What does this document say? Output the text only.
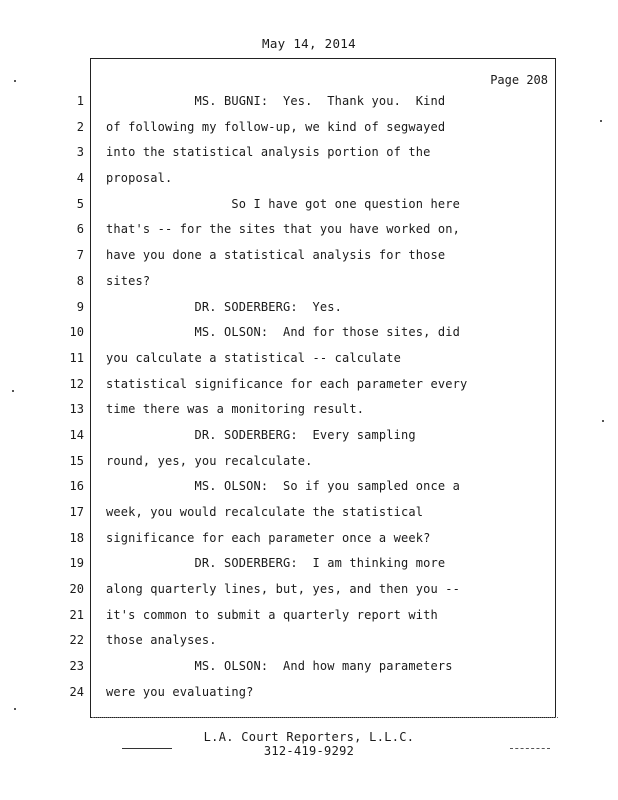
May 14, 2014
Page 208
1
2
3
4
5
6
7
8
9
10
11
12
13
14
15
16
17
18
19
20
21
22
23
24
MS. BUGNI:  Yes.  Thank you.  Kind
of following my follow-up, we kind of segwayed
into the statistical analysis portion of the
proposal.
So I have got one question here
that's -- for the sites that you have worked on,
have you done a statistical analysis for those
sites?
DR. SODERBERG:  Yes.
MS. OLSON:  And for those sites, did
you calculate a statistical -- calculate
statistical significance for each parameter every
time there was a monitoring result.
DR. SODERBERG:  Every sampling
round, yes, you recalculate.
MS. OLSON:  So if you sampled once a
week, you would recalculate the statistical
significance for each parameter once a week?
DR. SODERBERG:  I am thinking more
along quarterly lines, but, yes, and then you --
it's common to submit a quarterly report with
those analyses.
MS. OLSON:  And how many parameters
were you evaluating?
L.A. Court Reporters, L.L.C.
312-419-9292
